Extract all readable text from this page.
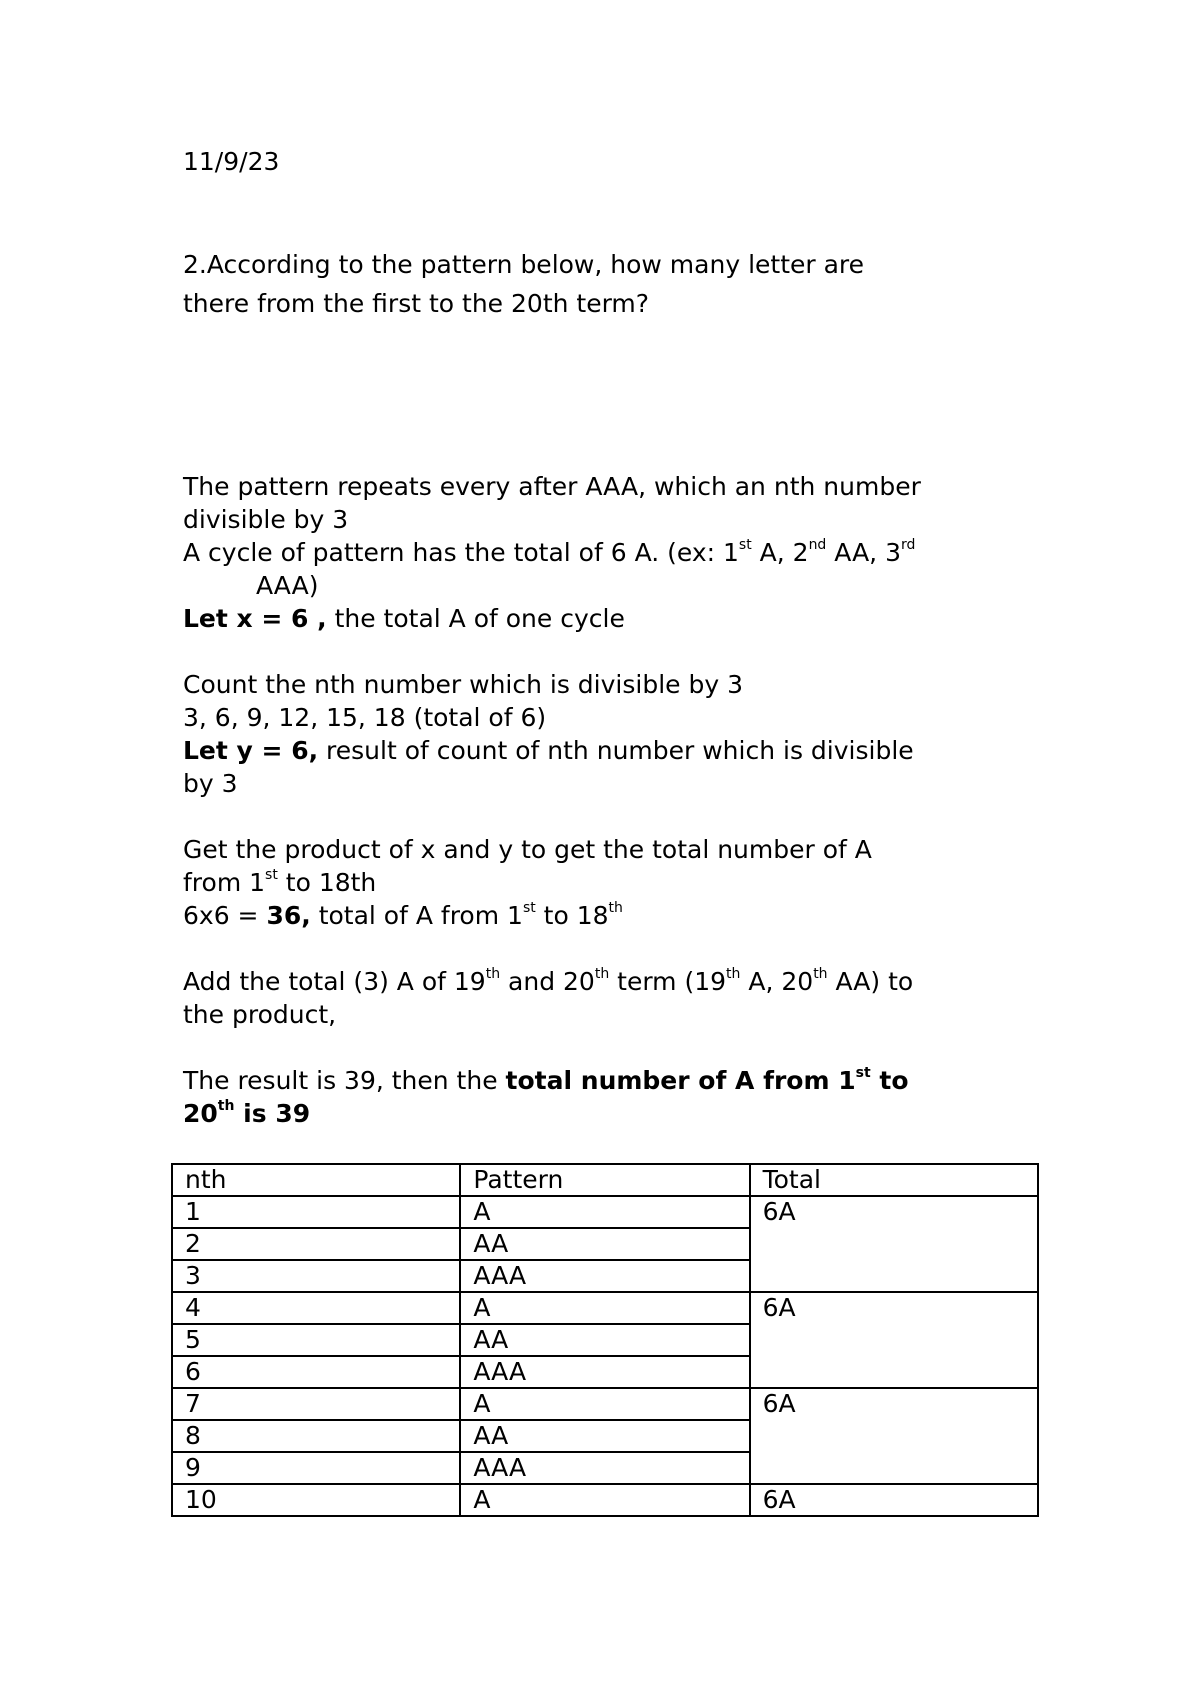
11/9/23
2.According to the pattern below, how many letter are
there from the first to the 20th term?

The pattern repeats every after AAA, which an nth number
divisible by 3

A cycle of pattern has the total of 6 A. (ex: 1st A, 2nd AA, 3rd

AAA)

Let x = 6 , the total A of one cycle

Count the nth number which is divisible by 3

3, 6, 9, 12, 15, 18 (total of 6)

Let y = 6, result of count of nth number which is divisible
by 3

Get the product of x and y to get the total number of A
from 1st to 18th

6x6 = 36, total of A from 1st to 18th

Add the total (3) A of 19th and 20th term (19th A, 20th AA) to
the product,

The result is 39, then the total number of A from 1st to
20th is 39

nth	Pattern	Total
1	A	6A
2	AA	
3	AAA	
4	A	6A
5	AA	
6	AAA	
7	A	6A
8	AA	
9	AAA	
10	A	6A
